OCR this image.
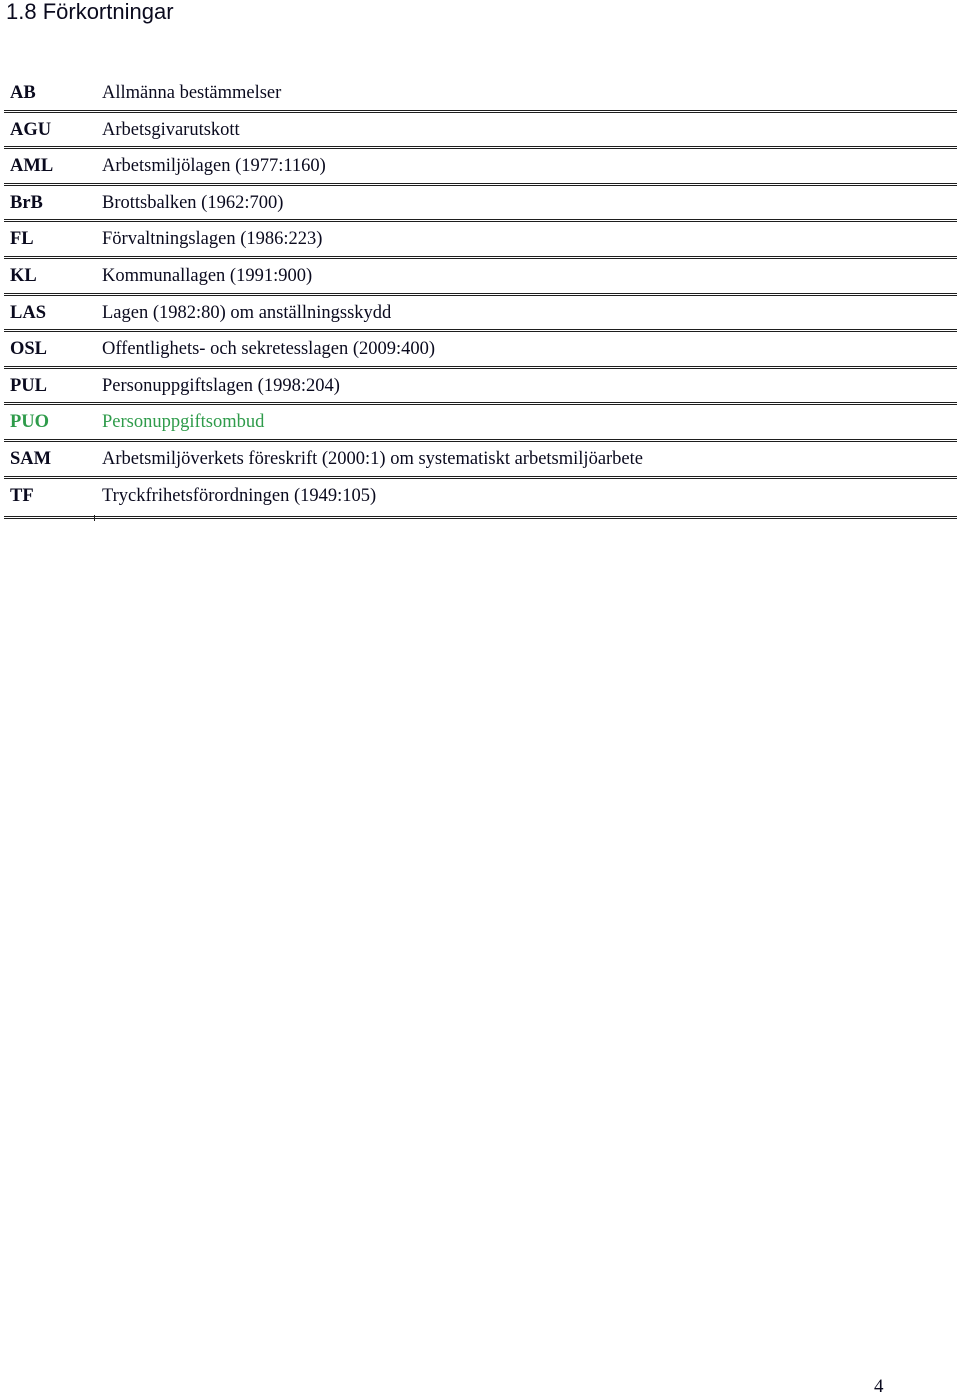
1.8 Förkortningar
AB	Allmänna bestämmelser
AGU	Arbetsgivarutskott
AML	Arbetsmiljölagen (1977:1160)
BrB	Brottsbalken (1962:700)
FL	Förvaltningslagen (1986:223)
KL	Kommunallagen (1991:900)
LAS	Lagen (1982:80) om anställningsskydd
OSL	Offentlighets- och sekretesslagen (2009:400)
PUL	Personuppgiftslagen (1998:204)
PUO	Personuppgiftsombud
SAM	Arbetsmiljöverkets föreskrift (2000:1) om systematiskt arbetsmiljöarbete
TF	Tryckfrihetsförordningen (1949:105)
4
